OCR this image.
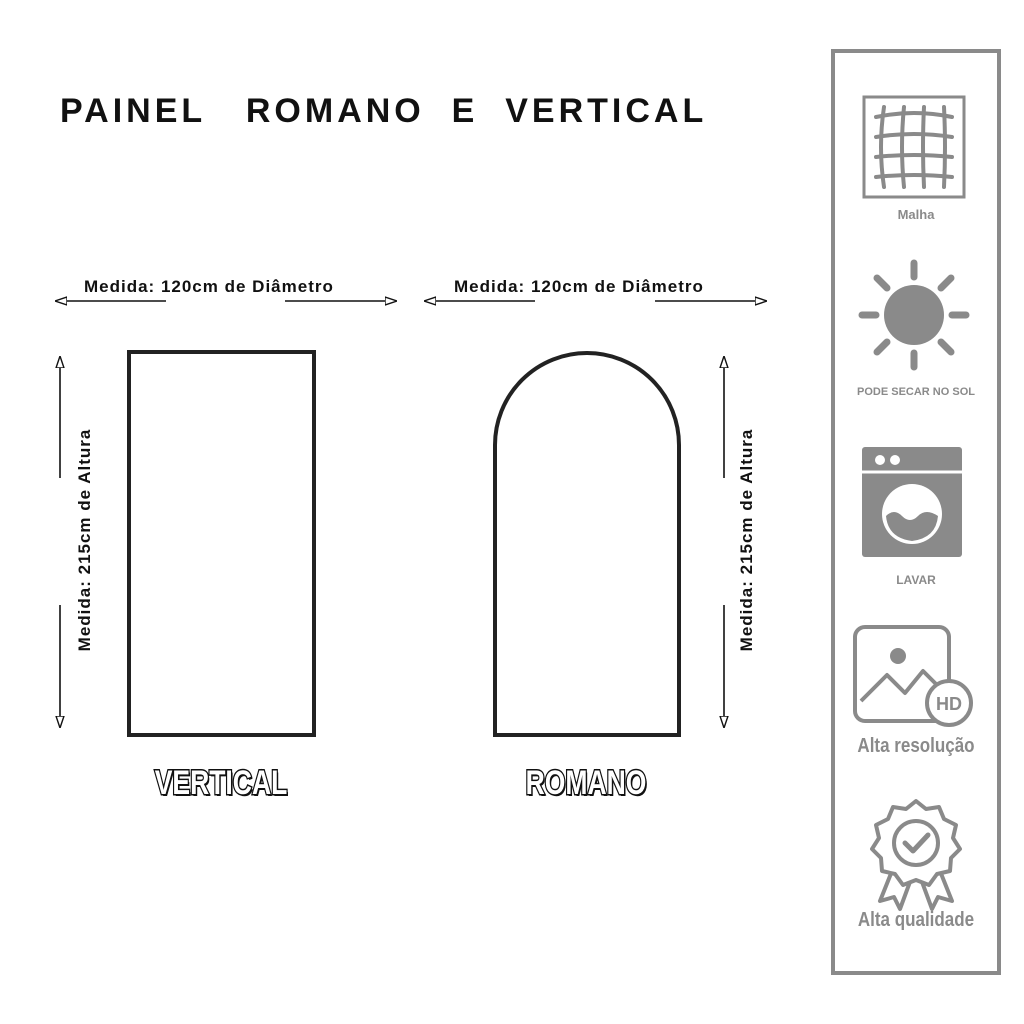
PAINEL   ROMANO  E  VERTICAL
Medida: 120cm de Diâmetro	Medida: 120cm de Diâmetro
Medida: 215cm de Altura	Medida: 215cm de Altura
VERTICAL	ROMANO
Malha
PODE SECAR NO SOL
LAVAR
HD
Alta resolução
Alta qualidade
